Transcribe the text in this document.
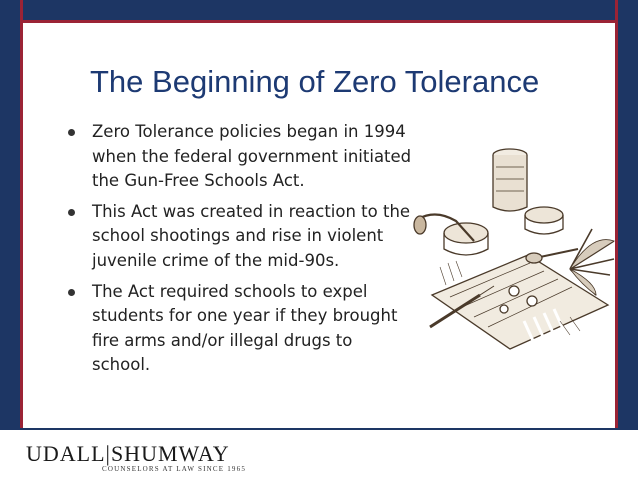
The Beginning of Zero Tolerance
Zero Tolerance policies began in 1994 when the federal government initiated the Gun-Free Schools Act.
This Act was created in reaction to the school shootings and rise in violent juvenile crime of the mid-90s.
The Act required schools to expel students for one year if they brought fire arms and/or illegal drugs to school.
UDALL|SHUMWAY
COUNSELORS AT LAW SINCE 1965
